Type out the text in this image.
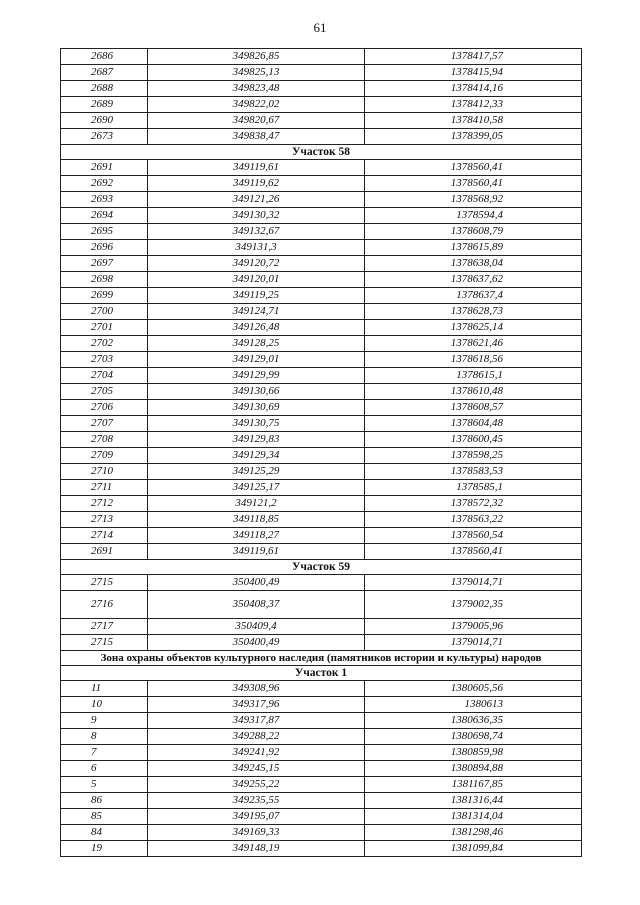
61
2686	349826,85	1378417,57
2687	349825,13	1378415,94
2688	349823,48	1378414,16
2689	349822,02	1378412,33
2690	349820,67	1378410,58
2673	349838,47	1378399,05
Участок 58		
2691	349119,61	1378560,41
2692	349119,62	1378560,41
2693	349121,26	1378568,92
2694	349130,32	1378594,4
2695	349132,67	1378608,79
2696	349131,3	1378615,89
2697	349120,72	1378638,04
2698	349120,01	1378637,62
2699	349119,25	1378637,4
2700	349124,71	1378628,73
2701	349126,48	1378625,14
2702	349128,25	1378621,46
2703	349129,01	1378618,56
2704	349129,99	1378615,1
2705	349130,66	1378610,48
2706	349130,69	1378608,57
2707	349130,75	1378604,48
2708	349129,83	1378600,45
2709	349129,34	1378598,25
2710	349125,29	1378583,53
2711	349125,17	1378585,1
2712	349121,2	1378572,32
2713	349118,85	1378563,22
2714	349118,27	1378560,54
2691	349119,61	1378560,41
Участок 59		
2715	350400,49	1379014,71
2716	350408,37	1379002,35
2717	350409,4	1379005,96
2715	350400,49	1379014,71
Зона охраны объектов культурного наследия (памятников истории и культуры) народов		
Участок 1		
11	349308,96	1380605,56
10	349317,96	1380613
9	349317,87	1380636,35
8	349288,22	1380698,74
7	349241,92	1380859,98
6	349245,15	1380894,88
5	349255,22	1381167,85
86	349235,55	1381316,44
85	349195,07	1381314,04
84	349169,33	1381298,46
19	349148,19	1381099,84
